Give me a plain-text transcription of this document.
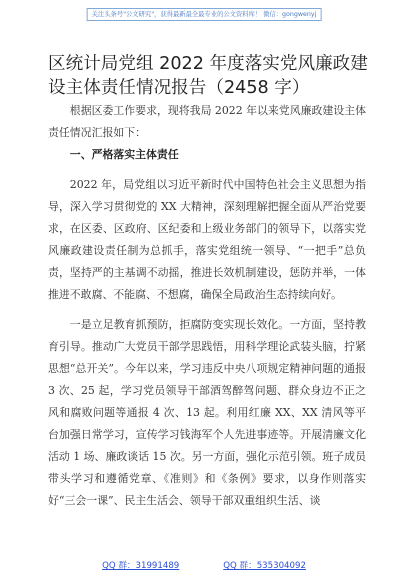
关注头条号"公文研究"，获得最新最全最专业的公文资料库！ 微信：gongwenyj
区统计局党组 2022 年度落实党风廉政建设主体责任情况报告（2458 字）

根据区委工作要求，现将我局 2022 年以来党风廉政建设主体责任情况汇报如下：

一、严格落实主体责任

2022 年，局党组以习近平新时代中国特色社会主义思想为指导，深入学习贯彻党的 XX 大精神，深刻理解把握全面从严治党要求，在区委、区政府、区纪委和上级业务部门的领导下，以落实党风廉政建设责任制为总抓手，落实党组统一领导、“一把手”总负责，坚持严的主基调不动摇，推进长效机制建设，惩防并举，一体推进不敢腐、不能腐、不想腐，确保全局政治生态持续向好。

一是立足教育抓预防，拒腐防变实现长效化。一方面，坚持教育引导。推动广大党员干部学思践悟，用科学理论武装头脑，拧紧思想“总开关”。今年以来，学习违反中央八项规定精神问题的通报 3 次、25 起，学习党员领导干部酒驾醉驾问题、群众身边不正之风和腐败问题等通报 4 次、13 起。利用红廉 XX、XX 清风等平台加强日常学习，宣传学习钱海军个人先进事迹等。开展清廉文化活动 1 场、廉政谈话 15 次。另一方面，强化示范引领。班子成员带头学习和遵循党章、《准则》和《条例》要求，以身作则落实好“三会一课”、民主生活会、领导干部双重组织生活、谈

QQ 群：31991489	QQ 群：535304092
